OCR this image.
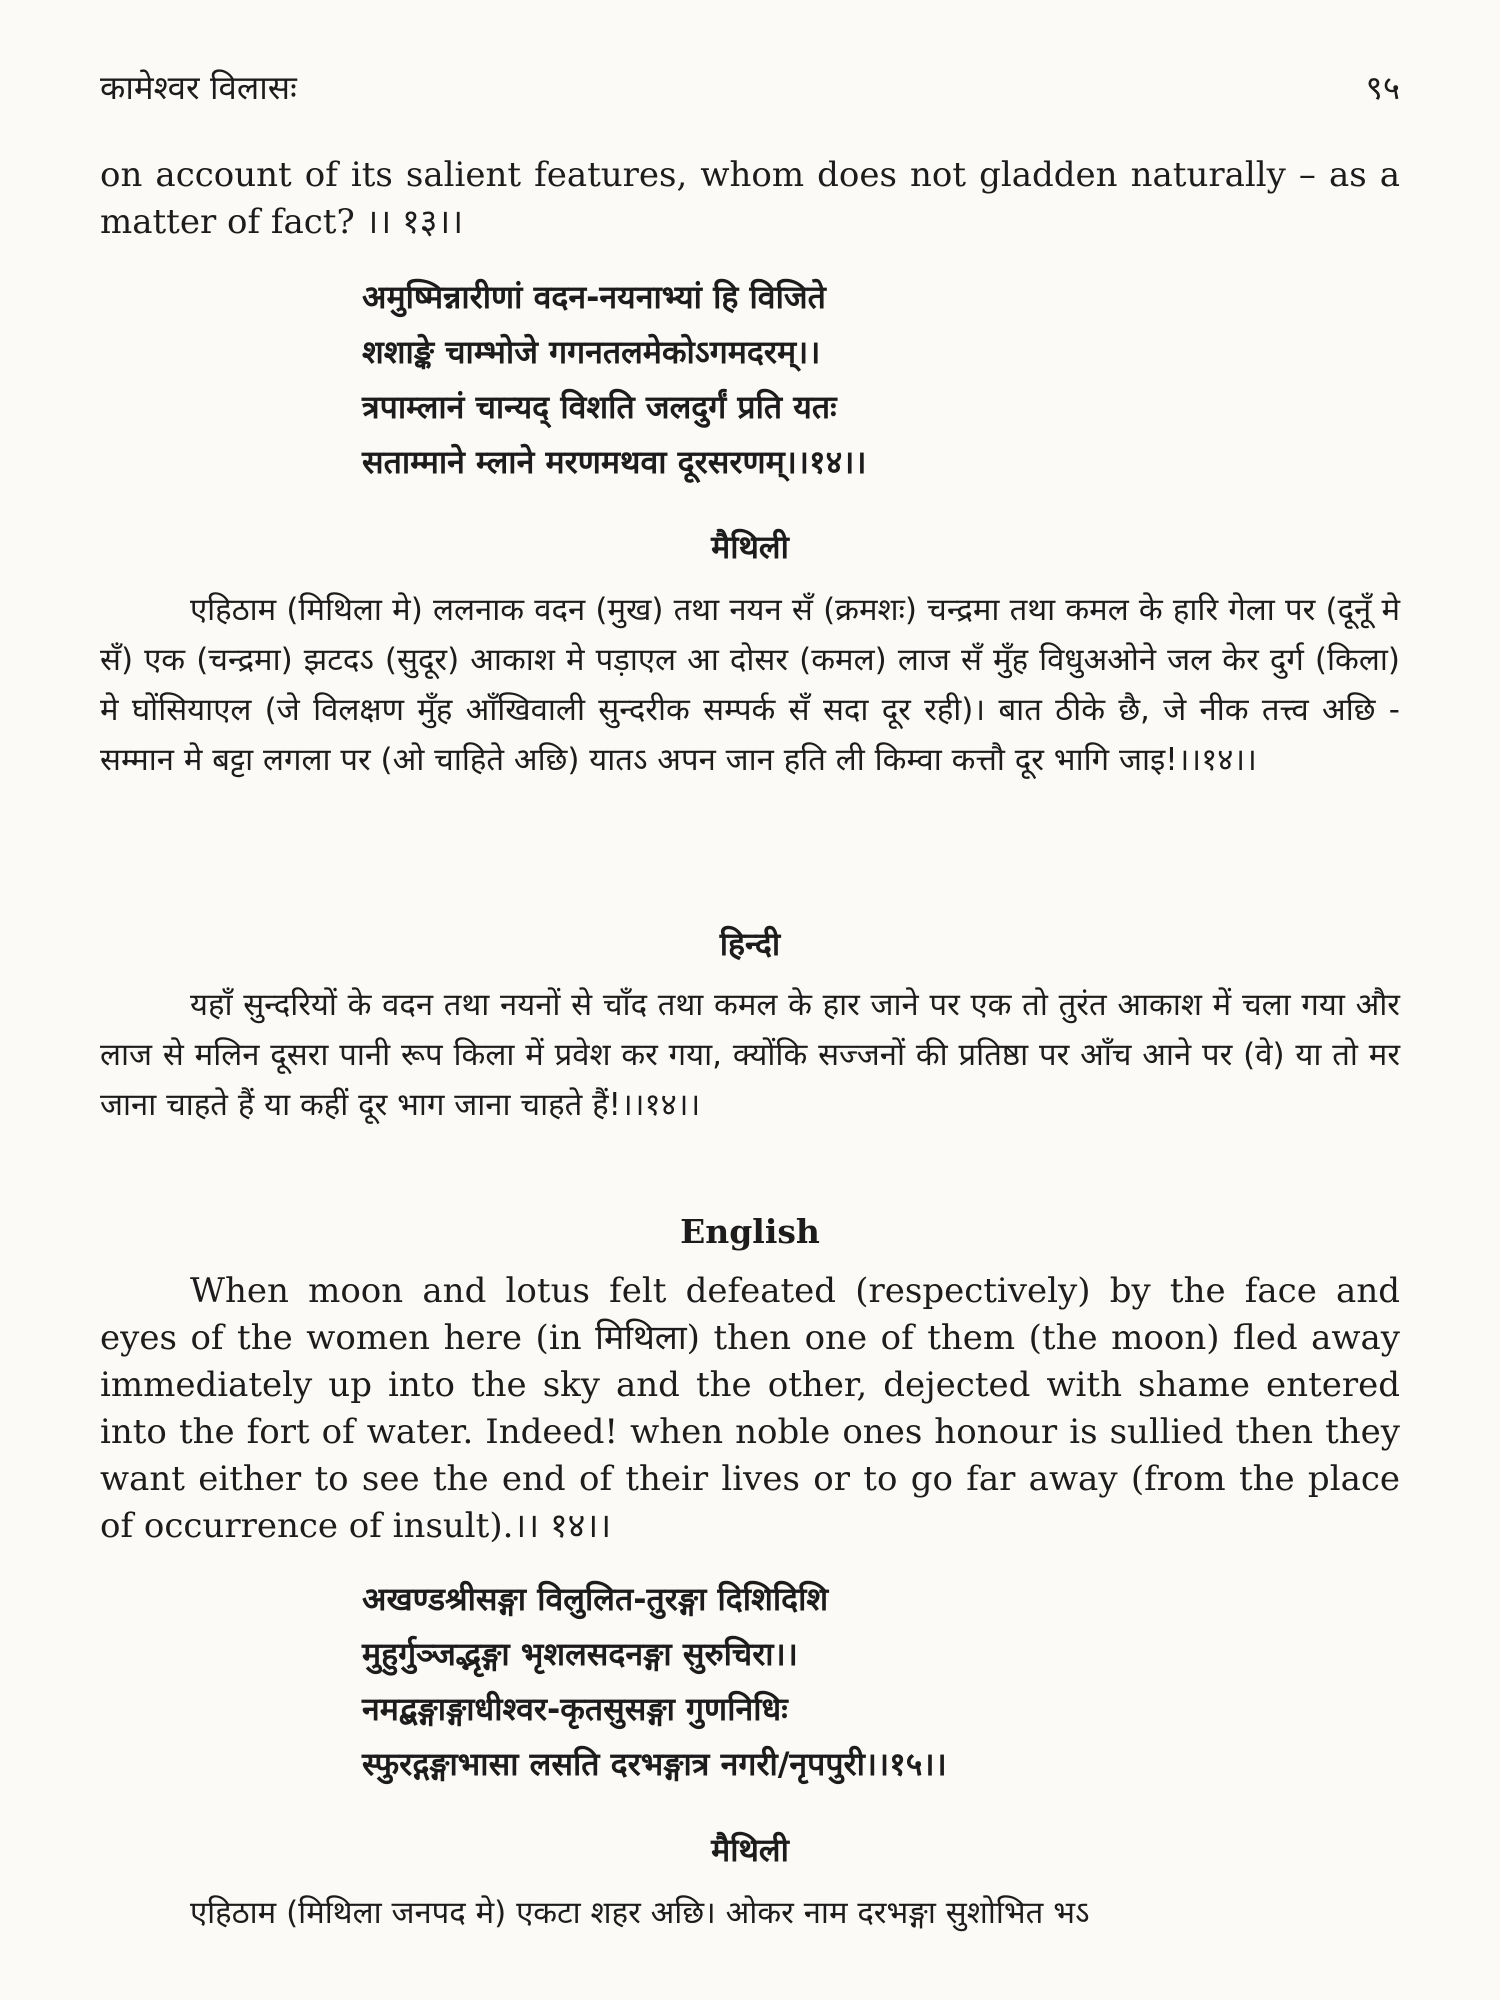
कामेश्वर विलासः	९५

on account of its salient features, whom does not gladden naturally – as a matter of fact? ।। १३।।

अमुष्मिन्नारीणां वदन-नयनाभ्यां हि विजिते

शशाङ्के चाम्भोजे गगनतलमेकोऽगमदरम्।।

त्रपाम्लानं चान्यद् विशति जलदुर्गं प्रति यतः

सताम्माने म्लाने मरणमथवा दूरसरणम्।।१४।।

मैथिली

एहिठाम (मिथिला मे) ललनाक वदन (मुख) तथा नयन सँ (क्रमशः) चन्द्रमा तथा कमल के हारि गेला पर (दूनूँ मे सँ) एक (चन्द्रमा) झटदऽ (सुदूर) आकाश मे पड़ाएल आ दोसर (कमल) लाज सँ मुँह विधुअओने जल केर दुर्ग (किला) मे घोंसियाएल (जे विलक्षण मुँह आँखिवाली सुन्दरीक सम्पर्क सँ सदा दूर रही)। बात ठीके छै, जे नीक तत्त्व अछि - सम्मान मे बट्टा लगला पर (ओ चाहिते अछि) यातऽ अपन जान हति ली किम्वा कत्तौ दूर भागि जाइ!।।१४।।

हिन्दी

यहाँ सुन्दरियों के वदन तथा नयनों से चाँद तथा कमल के हार जाने पर एक तो तुरंत आकाश में चला गया और लाज से मलिन दूसरा पानी रूप किला में प्रवेश कर गया, क्योंकि सज्जनों की प्रतिष्ठा पर आँच आने पर (वे) या तो मर जाना चाहते हैं या कहीं दूर भाग जाना चाहते हैं!।।१४।।

English

When moon and lotus felt defeated (respectively) by the face and eyes of the women here (in मिथिला) then one of them (the moon) fled away immediately up into the sky and the other, dejected with shame entered into the fort of water. Indeed! when noble ones honour is sullied then they want either to see the end of their lives or to go far away (from the place of occurrence of insult).।। १४।।

अखण्डश्रीसङ्गा विलुलित-तुरङ्गा दिशिदिशि

मुहुर्गुञ्जद्भृङ्गा भृशलसदनङ्गा सुरुचिरा।।

नमद्बङ्गाङ्गाधीश्वर-कृतसुसङ्गा गुणनिधिः

स्फुरद्गङ्गाभासा लसति दरभङ्गात्र नगरी/नृपपुरी।।१५।।

मैथिली

एहिठाम (मिथिला जनपद मे) एकटा शहर अछि। ओकर नाम दरभङ्गा सुशोभित भऽ
